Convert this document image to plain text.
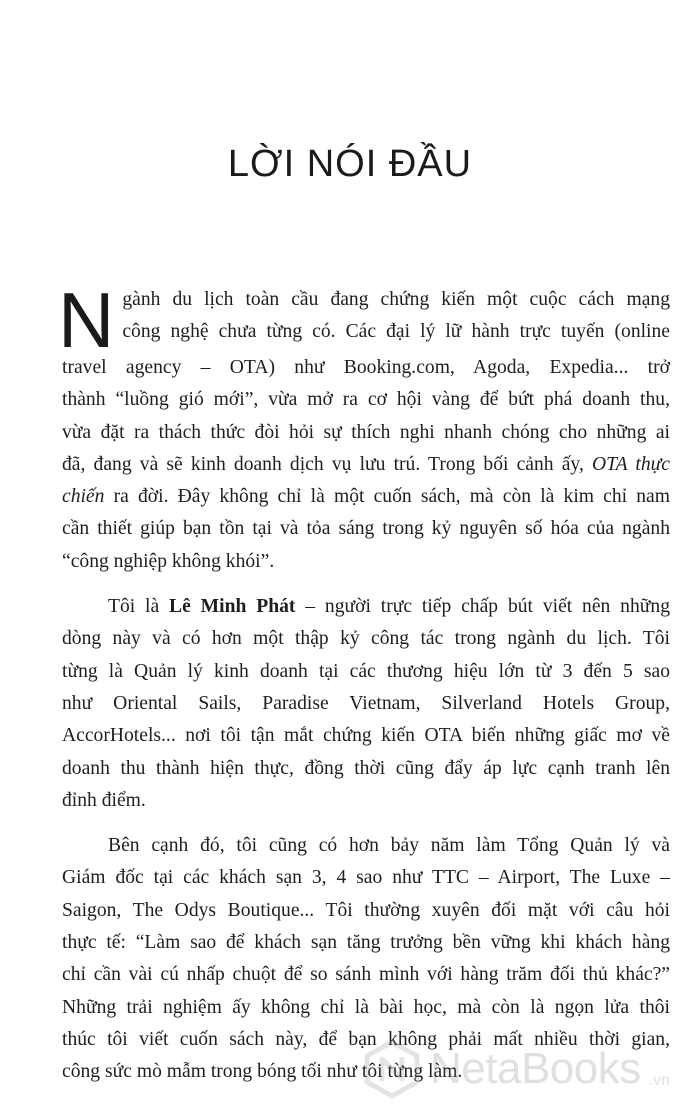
LỜI NÓI ĐẦU
N gành du lịch toàn cầu đang chứng kiến một cuộc cách mạng
công nghệ chưa từng có. Các đại lý lữ hành trực tuyến (online
travel agency – OTA) như Booking.com, Agoda, Expedia... trở
thành “luồng gió mới”, vừa mở ra cơ hội vàng để bứt phá doanh thu,
vừa đặt ra thách thức đòi hỏi sự thích nghi nhanh chóng cho những ai
đã, đang và sẽ kinh doanh dịch vụ lưu trú. Trong bối cảnh ấy, OTA thực
chiến ra đời. Đây không chỉ là một cuốn sách, mà còn là kim chỉ nam
cần thiết giúp bạn tồn tại và tỏa sáng trong kỷ nguyên số hóa của ngành
“công nghiệp không khói”.
Tôi là Lê Minh Phát – người trực tiếp chấp bút viết nên những
dòng này và có hơn một thập kỷ công tác trong ngành du lịch. Tôi
từng là Quản lý kinh doanh tại các thương hiệu lớn từ 3 đến 5 sao
như Oriental Sails, Paradise Vietnam, Silverland Hotels Group,
AccorHotels... nơi tôi tận mắt chứng kiến OTA biến những giấc mơ về
doanh thu thành hiện thực, đồng thời cũng đẩy áp lực cạnh tranh lên
đỉnh điểm.
Bên cạnh đó, tôi cũng có hơn bảy năm làm Tổng Quản lý và
Giám đốc tại các khách sạn 3, 4 sao như TTC – Airport, The Luxe –
Saigon, The Odys Boutique... Tôi thường xuyên đối mặt với câu hỏi
thực tế: “Làm sao để khách sạn tăng trưởng bền vững khi khách hàng
chỉ cần vài cú nhấp chuột để so sánh mình với hàng trăm đối thủ khác?”
Những trải nghiệm ấy không chỉ là bài học, mà còn là ngọn lửa thôi
thúc tôi viết cuốn sách này, để bạn không phải mất nhiều thời gian,
công sức mò mẫm trong bóng tối như tôi từng làm.
NetaBooks .vn
